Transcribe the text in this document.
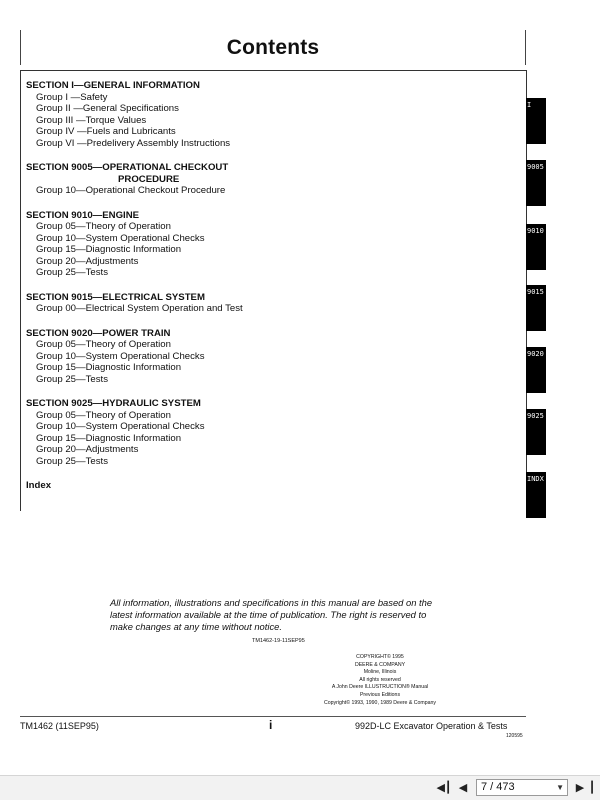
Contents
SECTION I—GENERAL INFORMATION
Group I —Safety
Group II —General Specifications
Group III —Torque Values
Group IV —Fuels and Lubricants
Group VI —Predelivery Assembly Instructions
SECTION 9005—OPERATIONAL CHECKOUT
PROCEDURE
Group 10—Operational Checkout Procedure
SECTION 9010—ENGINE
Group 05—Theory of Operation
Group 10—System Operational Checks
Group 15—Diagnostic Information
Group 20—Adjustments
Group 25—Tests
SECTION 9015—ELECTRICAL SYSTEM
Group 00—Electrical System Operation and Test
SECTION 9020—POWER TRAIN
Group 05—Theory of Operation
Group 10—System Operational Checks
Group 15—Diagnostic Information
Group 25—Tests
SECTION 9025—HYDRAULIC SYSTEM
Group 05—Theory of Operation
Group 10—System Operational Checks
Group 15—Diagnostic Information
Group 20—Adjustments
Group 25—Tests
Index
I
9005
9010
9015
9020
9025
INDX
All information, illustrations and specifications in this manual are based on the latest information available at the time of publication. The right is reserved to make changes at any time without notice.
TM1462-19-11SEP95
COPYRIGHT© 1995
DEERE & COMPANY
Moline, Illinois
All rights reserved
A John Deere ILLUSTRUCTION® Manual
Previous Editions
Copyright© 1993, 1990, 1989 Deere & Company
TM1462 (11SEP95)	i	992D-LC Excavator Operation & Tests
120595
◀┃ ◀	7 / 473	▼	▶ ┃
